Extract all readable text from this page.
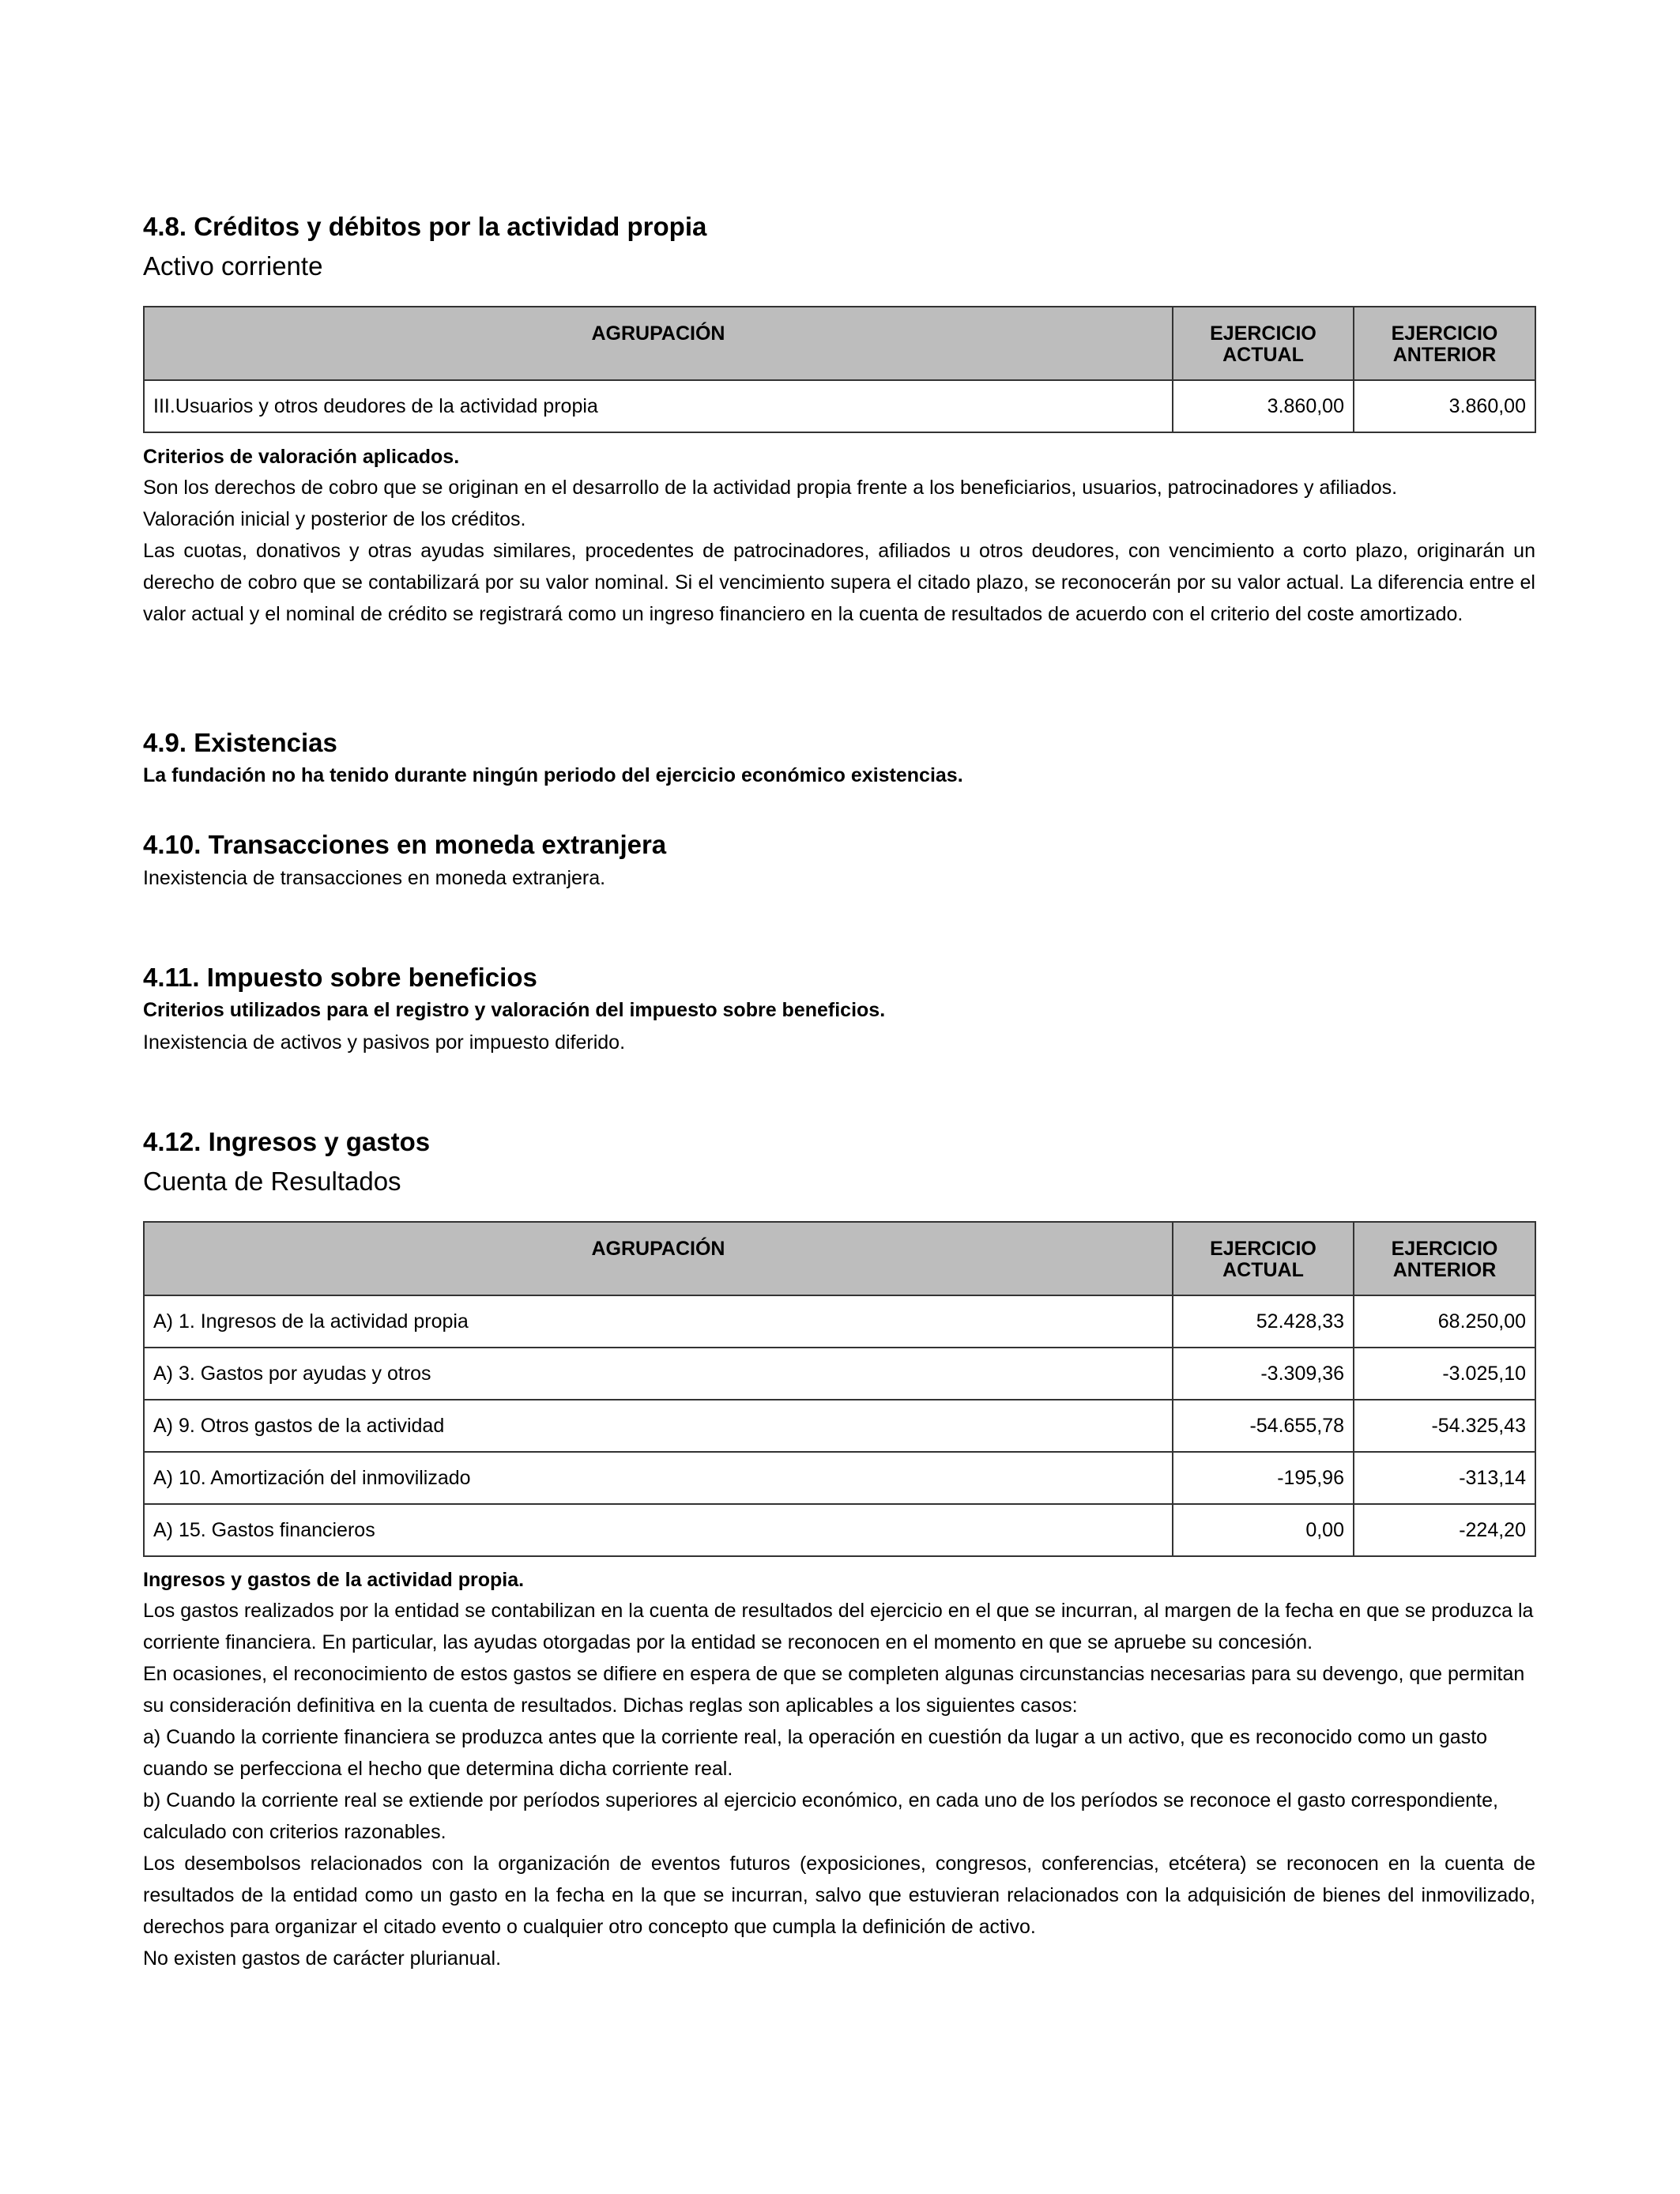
4.8. Créditos y débitos por la actividad propia
Activo corriente
AGRUPACIÓN	EJERCICIO ACTUAL	EJERCICIO ANTERIOR
III.Usuarios y otros deudores de la actividad propia	3.860,00	3.860,00
Criterios de valoración aplicados.
Son los derechos de cobro que se originan en el desarrollo de la actividad propia frente a los beneficiarios, usuarios, patrocinadores y afiliados.
Valoración inicial y posterior de los créditos.
Las cuotas, donativos y otras ayudas similares, procedentes de patrocinadores, afiliados u otros deudores, con vencimiento a corto plazo, originarán un derecho de cobro que se contabilizará por su valor nominal. Si el vencimiento supera el citado plazo, se reconocerán por su valor actual. La diferencia entre el valor actual y el nominal de crédito se registrará como un ingreso financiero en la cuenta de resultados de acuerdo con el criterio del coste amortizado.
4.9. Existencias
La fundación no ha tenido durante ningún periodo del ejercicio económico existencias.
4.10. Transacciones en moneda extranjera
Inexistencia de transacciones en moneda extranjera.
4.11. Impuesto sobre beneficios
Criterios utilizados para el registro y valoración del impuesto sobre beneficios.
Inexistencia de activos y pasivos por impuesto diferido.
4.12. Ingresos y gastos
Cuenta de Resultados
AGRUPACIÓN	EJERCICIO ACTUAL	EJERCICIO ANTERIOR
A) 1. Ingresos de la actividad propia	52.428,33	68.250,00
A) 3. Gastos por ayudas y otros	-3.309,36	-3.025,10
A) 9. Otros gastos de la actividad	-54.655,78	-54.325,43
A) 10. Amortización del inmovilizado	-195,96	-313,14
A) 15. Gastos financieros	0,00	-224,20
Ingresos y gastos de la actividad propia.
Los gastos realizados por la entidad se contabilizan en la cuenta de resultados del ejercicio en el que se incurran, al margen de la fecha en que se produzca la corriente financiera. En particular, las ayudas otorgadas por la entidad se reconocen en el momento en que se apruebe su concesión.
En ocasiones, el reconocimiento de estos gastos se difiere en espera de que se completen algunas circunstancias necesarias para su devengo, que permitan su consideración definitiva en la cuenta de resultados. Dichas reglas son aplicables a los siguientes casos:
a) Cuando la corriente financiera se produzca antes que la corriente real, la operación en cuestión da lugar a un activo, que es reconocido como un gasto cuando se perfecciona el hecho que determina dicha corriente real.
b) Cuando la corriente real se extiende por períodos superiores al ejercicio económico, en cada uno de los períodos se reconoce el gasto correspondiente, calculado con criterios razonables.
Los desembolsos relacionados con la organización de eventos futuros (exposiciones, congresos, conferencias, etcétera) se reconocen en la cuenta de resultados de la entidad como un gasto en la fecha en la que se incurran, salvo que estuvieran relacionados con la adquisición de bienes del inmovilizado, derechos para organizar el citado evento o cualquier otro concepto que cumpla la definición de activo.
No existen gastos de carácter plurianual.
